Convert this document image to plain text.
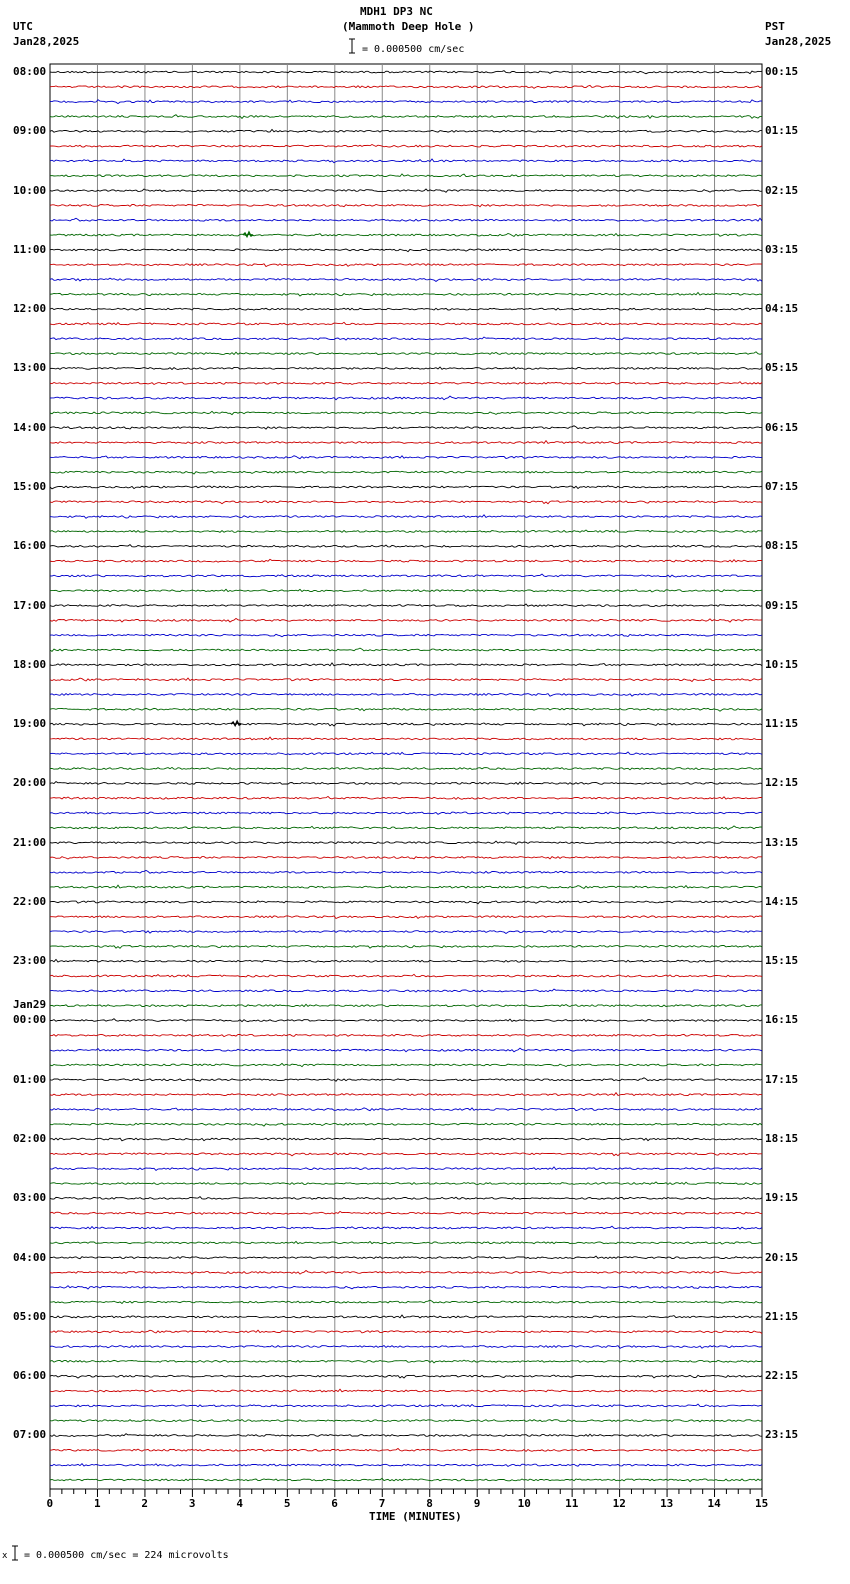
MDH1 DP3 NC
(Mammoth Deep Hole )
= 0.000500 cm/sec
UTC
Jan28,2025
PST
Jan28,2025
08:00
09:00
10:00
11:00
12:00
13:00
14:00
15:00
16:00
17:00
18:00
19:00
20:00
21:00
22:00
23:00
00:00
01:00
02:00
03:00
04:00
05:00
06:00
07:00
Jan29
00:15
01:15
02:15
03:15
04:15
05:15
06:15
07:15
08:15
09:15
10:15
11:15
12:15
13:15
14:15
15:15
16:15
17:15
18:15
19:15
20:15
21:15
22:15
23:15
0	1	2	3	4	5	6	7	8	9	10	11	12	13	14	15
TIME (MINUTES)
x = 0.000500 cm/sec = 224 microvolts
